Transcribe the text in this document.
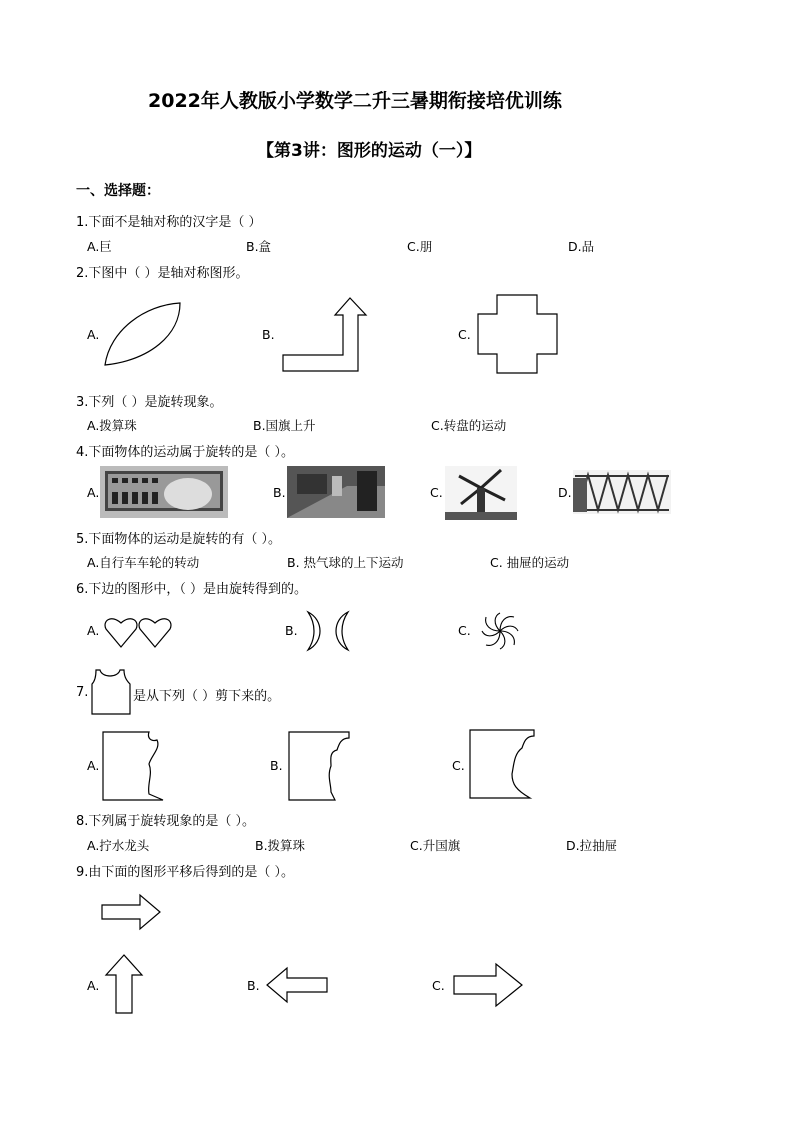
2022年人教版小学数学二升三暑期衔接培优训练
【第3讲：图形的运动（一）】
一、选择题：
1.下面不是轴对称的汉字是（ ）
A.巨	B.盒	C.朋	D.品
2.下图中（ ）是轴对称图形。
A.	B.	C.
3.下列（ ）是旋转现象。
A.拨算珠	B.国旗上升	C.转盘的运动
4.下面物体的运动属于旋转的是（ ）。
A.	B.	C.	D.
5.下面物体的运动是旋转的有（ ）。
A.自行车车轮的转动	B. 热气球的上下运动	C. 抽屉的运动
6.下边的图形中，（ ）是由旋转得到的。
A.	B.	C.
7.	是从下列（ ）剪下来的。
A.	B.	C.
8.下列属于旋转现象的是（ ）。
A.拧水龙头	B.拨算珠	C.升国旗	D.拉抽屉
9.由下面的图形平移后得到的是（ ）。
A.	B.	C.
